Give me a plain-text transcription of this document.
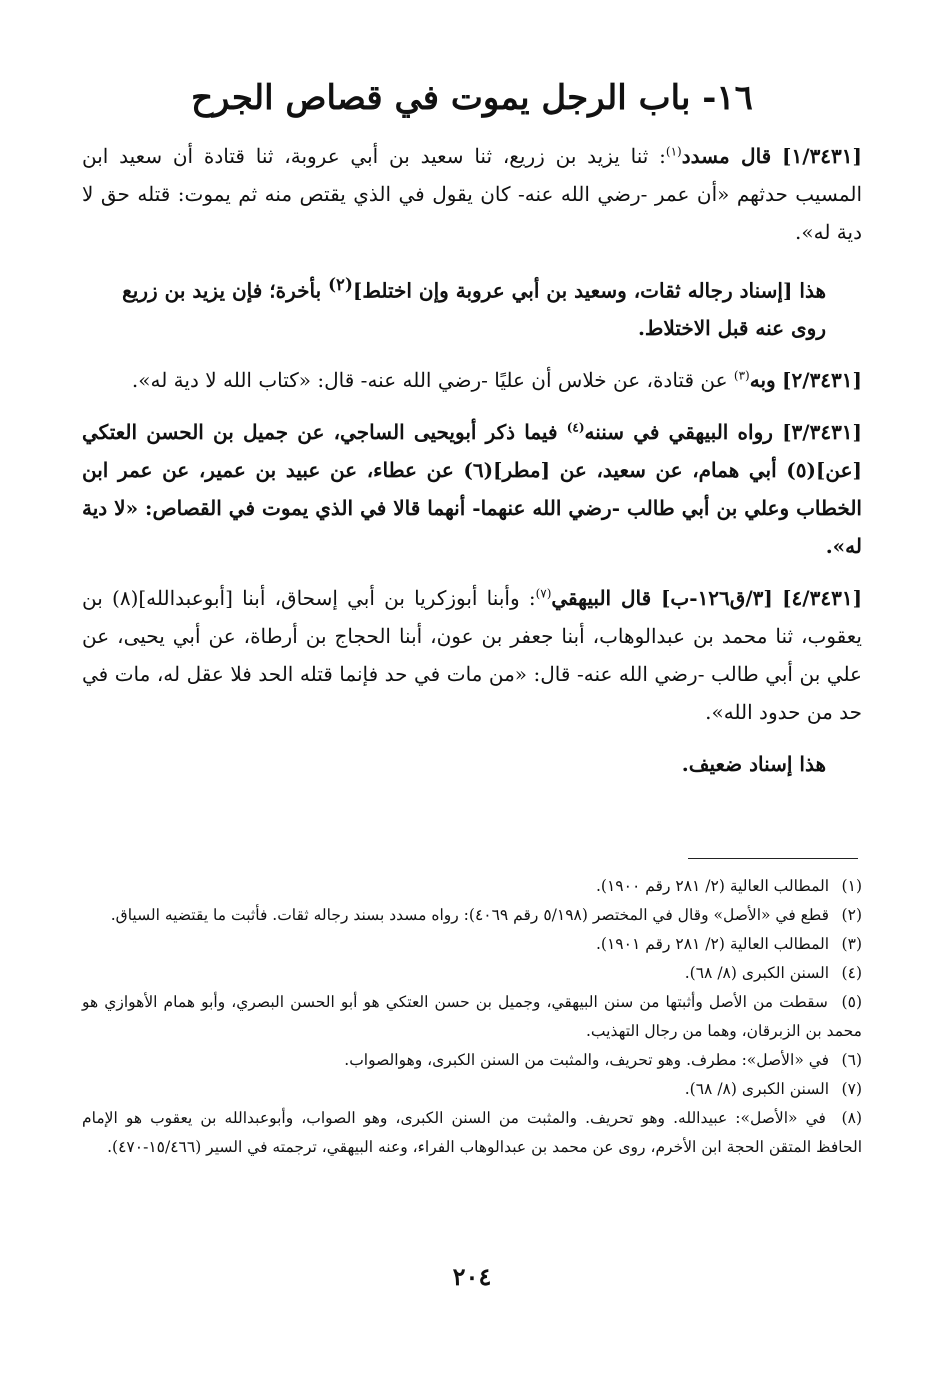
١٦- باب الرجل يموت في قصاص الجرح

[١/٣٤٣١] قال مسدد$^{(١)}$: ثنا يزيد بن زريع، ثنا سعيد بن أبي عروبة، ثنا قتادة أن سعيد ابن المسيب حدثهم «أن عمر -رضي الله عنه- كان يقول في الذي يقتص منه ثم يموت: قتله حق لا دية له».

هذا [إسناد رجاله ثقات، وسعيد بن أبي عروبة وإن اختلط]$^{(٢)}$ بأخرة؛ فإن يزيد بن زريع روى عنه قبل الاختلاط.

[٢/٣٤٣١] وبه$^{(٣)}$ عن قتادة، عن خلاس أن عليًا -رضي الله عنه- قال: «كتاب الله لا دية له».

[٣/٣٤٣١] رواه البيهقي في سننه$^{(٤)}$ فيما ذكر أبويحيى الساجي، عن جميل بن الحسن العتكي [عن](٥) أبي همام، عن سعيد، عن [مطر](٦) عن عطاء، عن عبيد بن عمير، عن عمر ابن الخطاب وعلي بن أبي طالب -رضي الله عنهما- أنهما قالا في الذي يموت في القصاص: «لا دية له».

[٤/٣٤٣١] [٣/ق١٢٦-ب] قال البيهقي$^{(٧)}$: وأبنا أبوزكريا بن أبي إسحاق، أبنا [أبوعبدالله](٨) بن يعقوب، ثنا محمد بن عبدالوهاب، أبنا جعفر بن عون، أبنا الحجاج بن أرطاة، عن أبي يحيى، عن علي بن أبي طالب -رضي الله عنه- قال: «من مات في حد فإنما قتله الحد فلا عقل له، مات في حد من حدود الله».

هذا إسناد ضعيف.

(١) المطالب العالية (٢/ ٢٨١ رقم ١٩٠٠).

(٢) قطع في «الأصل» وقال في المختصر (٥/١٩٨ رقم ٤٠٦٩): رواه مسدد بسند رجاله ثقات. فأثبت ما يقتضيه السياق.

(٣) المطالب العالية (٢/ ٢٨١ رقم ١٩٠١).

(٤) السنن الكبرى (٨/ ٦٨).

(٥) سقطت من الأصل وأثبتها من سنن البيهقي، وجميل بن حسن العتكي هو أبو الحسن البصري، وأبو همام الأهوازي هو محمد بن الزبرقان، وهما من رجال التهذيب.

(٦) في «الأصل»: مطرف. وهو تحريف، والمثبت من السنن الكبرى، وهوالصواب.

(٧) السنن الكبرى (٨/ ٦٨).

(٨) في «الأصل»: عبيدالله. وهو تحريف. والمثبت من السنن الكبرى، وهو الصواب، وأبوعبدالله بن يعقوب هو الإمام الحافظ المتقن الحجة ابن الأخرم، روى عن محمد بن عبدالوهاب الفراء، وعنه البيهقي، ترجمته في السير (١٥/٤٦٦-٤٧٠).

٢٠٤
